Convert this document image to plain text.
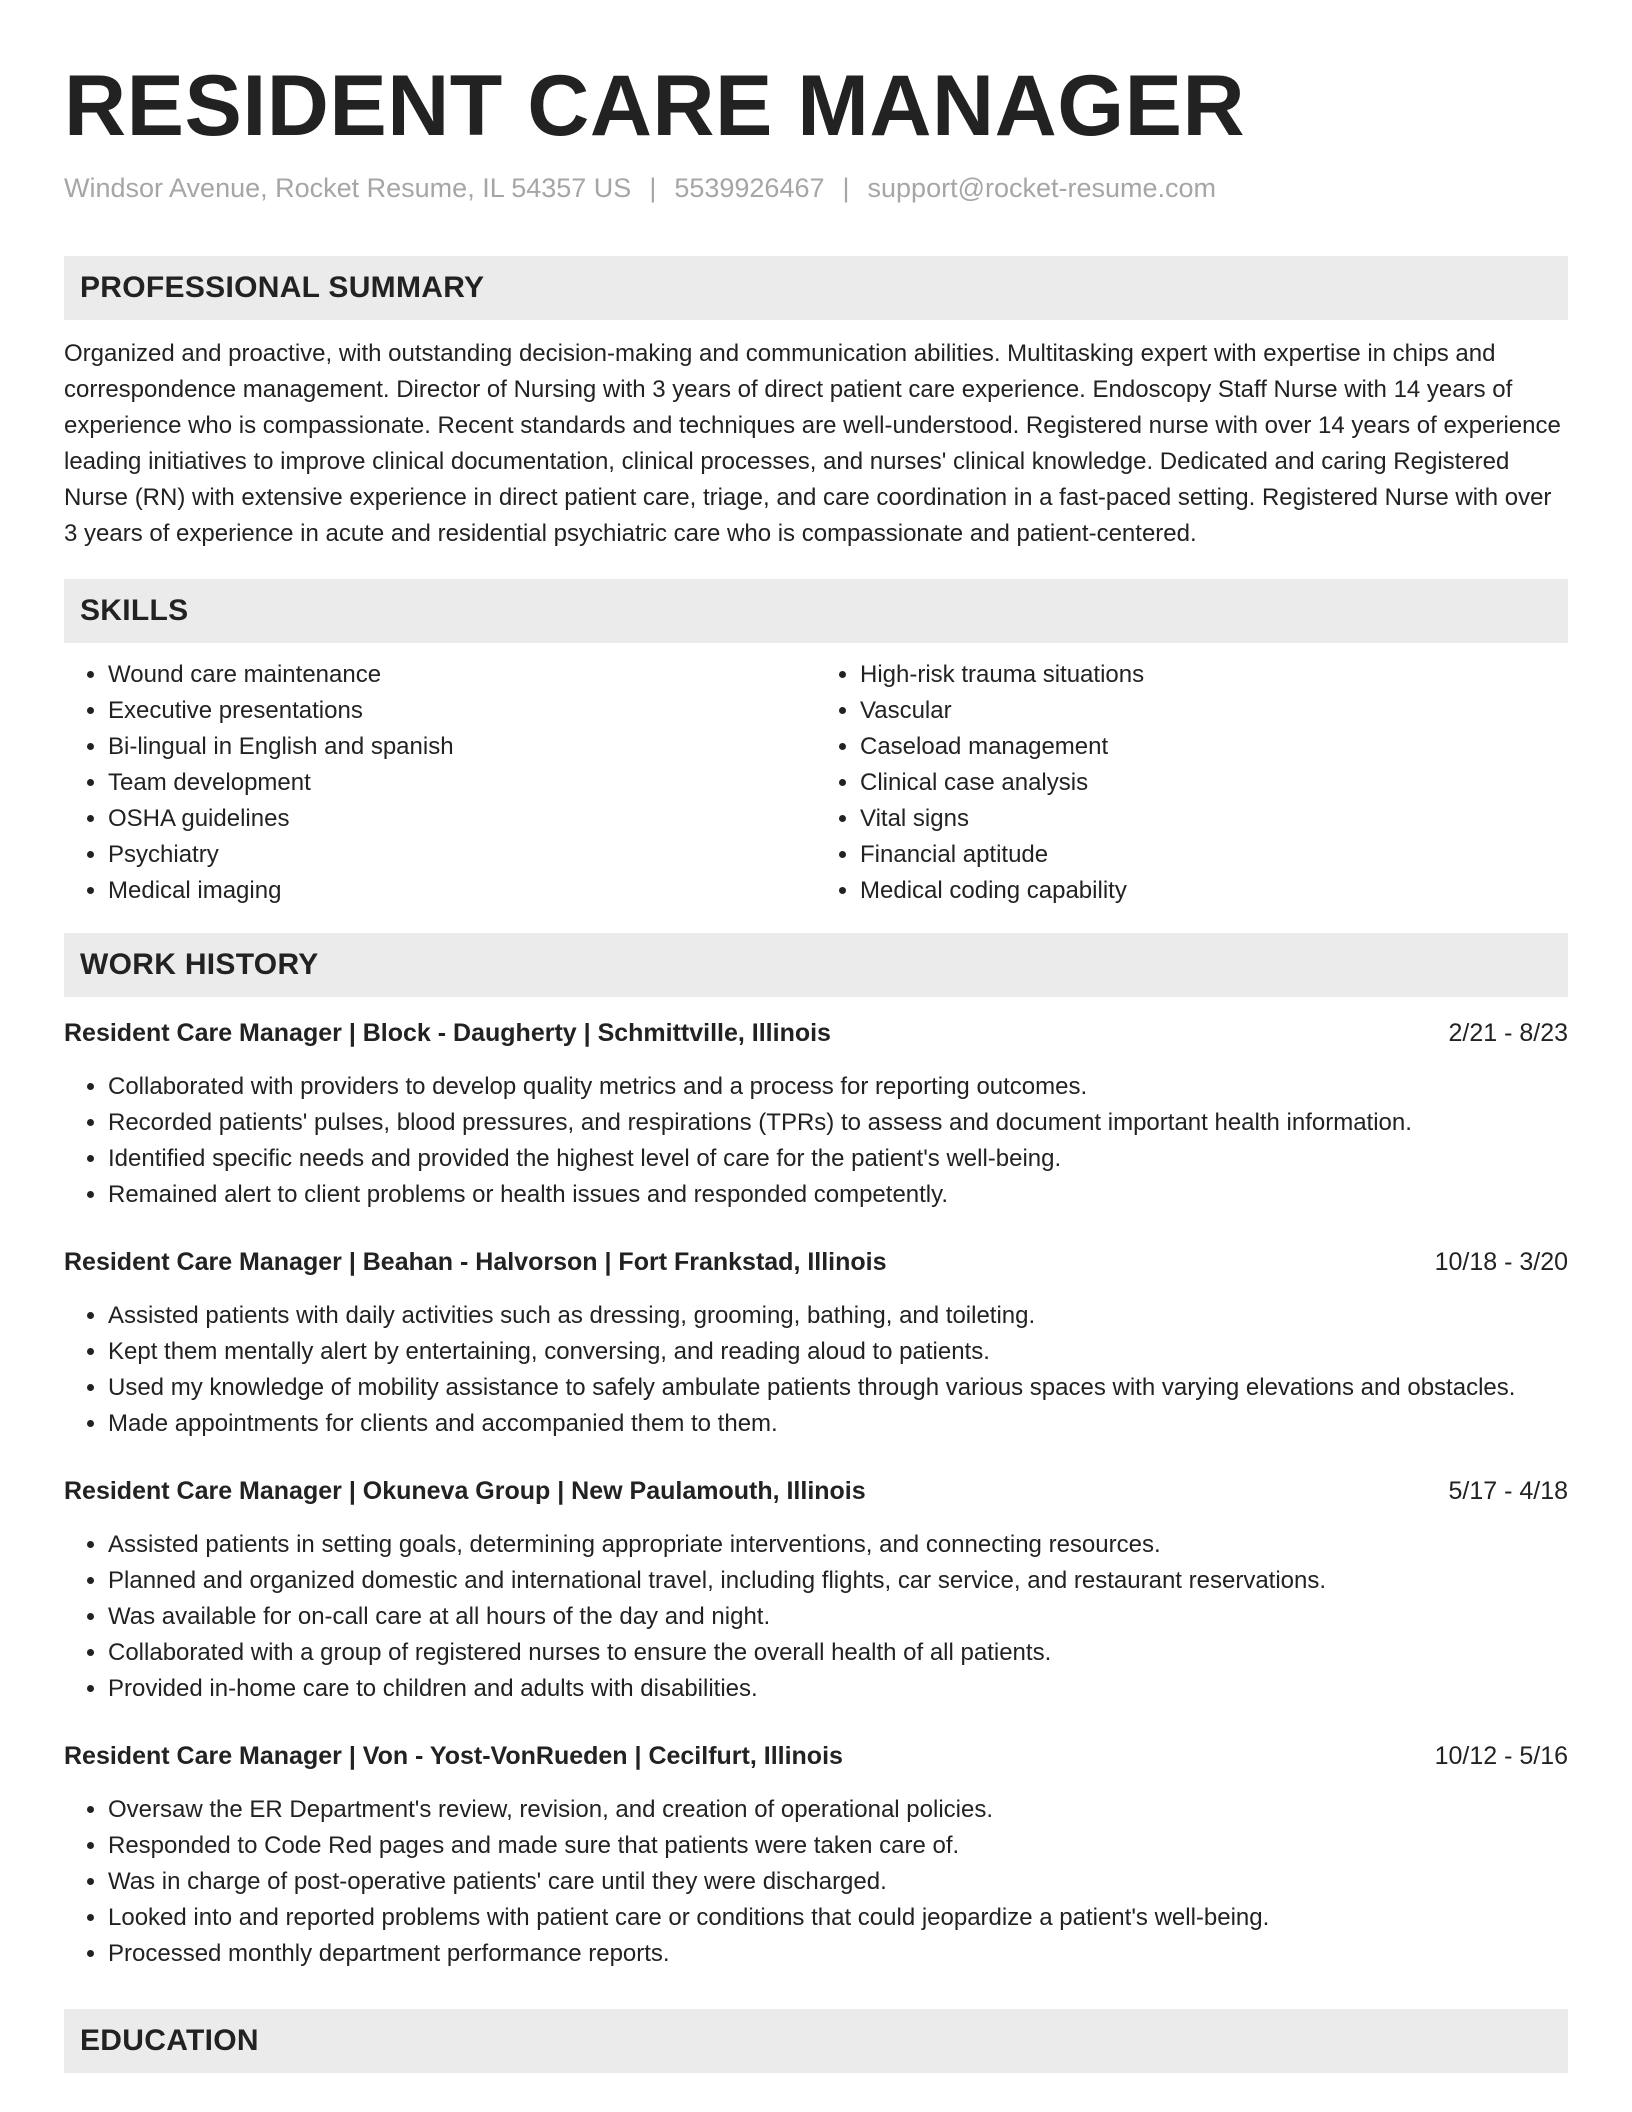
RESIDENT CARE MANAGER
Windsor Avenue, Rocket Resume, IL 54357 US | 5539926467 | support@rocket-resume.com
PROFESSIONAL SUMMARY

Organized and proactive, with outstanding decision-making and communication abilities. Multitasking expert with expertise in chips and correspondence management. Director of Nursing with 3 years of direct patient care experience. Endoscopy Staff Nurse with 14 years of experience who is compassionate. Recent standards and techniques are well-understood. Registered nurse with over 14 years of experience leading initiatives to improve clinical documentation, clinical processes, and nurses' clinical knowledge. Dedicated and caring Registered Nurse (RN) with extensive experience in direct patient care, triage, and care coordination in a fast-paced setting. Registered Nurse with over 3 years of experience in acute and residential psychiatric care who is compassionate and patient-centered.

SKILLS
• Wound care maintenance
• Executive presentations
• Bi-lingual in English and spanish
• Team development
• OSHA guidelines
• Psychiatry
• Medical imaging
• High-risk trauma situations
• Vascular
• Caseload management
• Clinical case analysis
• Vital signs
• Financial aptitude
• Medical coding capability
WORK HISTORY
Resident Care Manager | Block - Daugherty | Schmittville, Illinois	2/21 - 8/23
• Collaborated with providers to develop quality metrics and a process for reporting outcomes.
• Recorded patients' pulses, blood pressures, and respirations (TPRs) to assess and document important health information.
• Identified specific needs and provided the highest level of care for the patient's well-being.
• Remained alert to client problems or health issues and responded competently.
Resident Care Manager | Beahan - Halvorson | Fort Frankstad, Illinois	10/18 - 3/20
• Assisted patients with daily activities such as dressing, grooming, bathing, and toileting.
• Kept them mentally alert by entertaining, conversing, and reading aloud to patients.
• Used my knowledge of mobility assistance to safely ambulate patients through various spaces with varying elevations and obstacles.
• Made appointments for clients and accompanied them to them.
Resident Care Manager | Okuneva Group | New Paulamouth, Illinois	5/17 - 4/18
• Assisted patients in setting goals, determining appropriate interventions, and connecting resources.
• Planned and organized domestic and international travel, including flights, car service, and restaurant reservations.
• Was available for on-call care at all hours of the day and night.
• Collaborated with a group of registered nurses to ensure the overall health of all patients.
• Provided in-home care to children and adults with disabilities.
Resident Care Manager | Von - Yost-VonRueden | Cecilfurt, Illinois	10/12 - 5/16
• Oversaw the ER Department's review, revision, and creation of operational policies.
• Responded to Code Red pages and made sure that patients were taken care of.
• Was in charge of post-operative patients' care until they were discharged.
• Looked into and reported problems with patient care or conditions that could jeopardize a patient's well-being.
• Processed monthly department performance reports.
EDUCATION
